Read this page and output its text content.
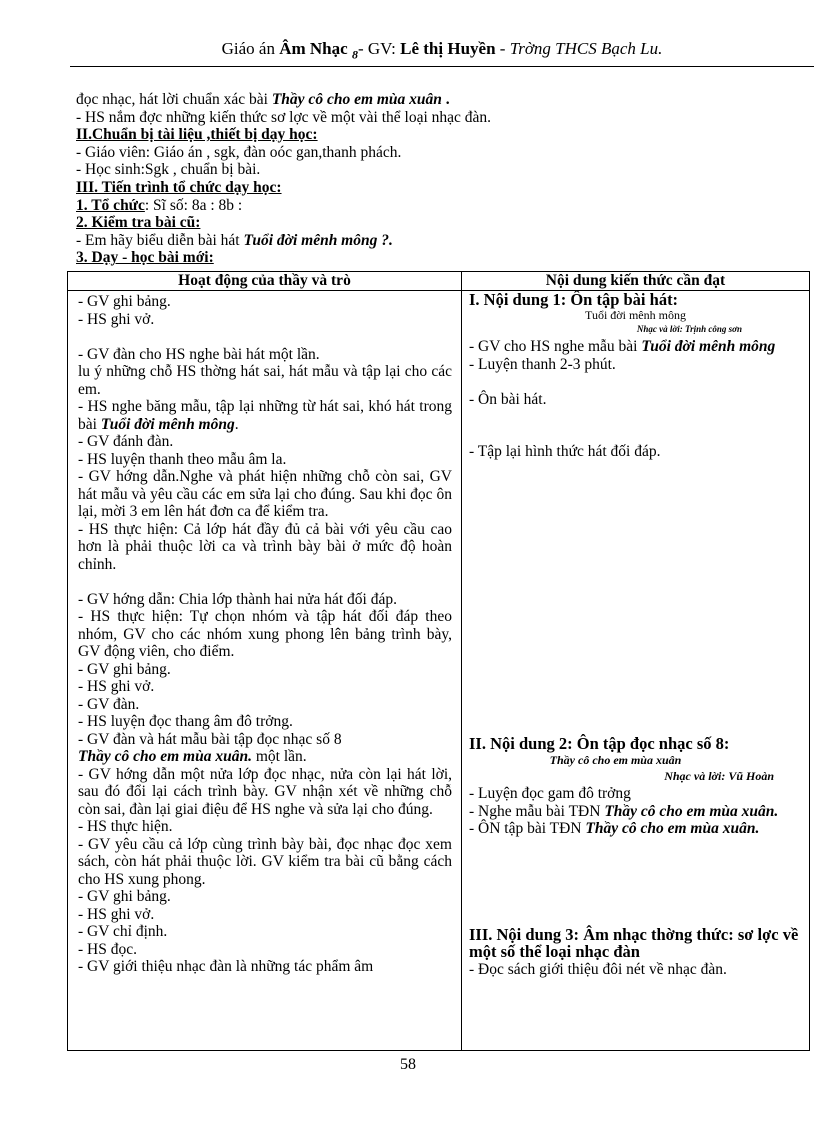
Giáo án Âm Nhạc $_8$- GV: Lê thị Huyền - Trờng THCS Bạch Lu.
đọc nhạc, hát lời chuẩn xác bài Thầy cô cho em mùa xuân .
- HS nắm đợc những kiến thức sơ lợc về một vài thể loại nhạc đàn.
II.Chuẩn bị tài liệu ,thiết bị dạy học:
- Giáo viên: Giáo án , sgk, đàn oóc gan,thanh phách.
- Học sinh:Sgk , chuẩn bị bài.
III. Tiến trình tổ chức dạy học:
1. Tổ chức: Sĩ số: 8a : 8b :
2. Kiểm tra bài cũ:
- Em hãy biểu diễn bài hát Tuổi đời mênh mông ?.
3. Dạy - học bài mới:
Hoạt động của thầy và trò	Nội dung kiến thức cần đạt

- GV ghi bảng.

- HS ghi vở.

- GV đàn cho HS nghe bài hát một lần.

lu ý những chỗ HS thờng hát sai, hát mẫu và tập lại cho các em.

- HS nghe băng mẫu, tập lại những từ hát sai, khó hát trong bài Tuổi đời mênh mông.

- GV đánh đàn.

- HS luyện thanh theo mẫu âm la.

- GV hớng dẫn.Nghe và phát hiện những chỗ còn sai, GV hát mẫu và yêu cầu các em sửa lại cho đúng. Sau khi đọc ôn lại, mời 3 em lên hát đơn ca để kiểm tra.

- HS thực hiện: Cả lớp hát đầy đủ cả bài với yêu cầu cao hơn là phải thuộc lời ca và trình bày bài ở mức độ hoàn chỉnh.

- GV hớng dẫn: Chia lớp thành hai nửa hát đối đáp.

- HS thực hiện: Tự chọn nhóm và tập hát đối đáp theo nhóm, GV cho các nhóm xung phong lên bảng trình bày, GV động viên, cho điểm.

- GV ghi bảng.

- HS ghi vở.

- GV đàn.

- HS luyện đọc thang âm đô trởng.

- GV đàn và hát mẫu bài tập đọc nhạc số 8

Thầy cô cho em mùa xuân. một lần.

- GV hớng dẫn một nửa lớp đọc nhạc, nửa còn lại hát lời, sau đó đổi lại cách trình bày. GV nhận xét về những chỗ còn sai, đàn lại giai điệu để HS nghe và sửa lại cho đúng.

- HS thực hiện.

- GV yêu cầu cả lớp cùng trình bày bài, đọc nhạc đọc xem sách, còn hát phải thuộc lời. GV kiểm tra bài cũ bằng cách cho HS xung phong.

- GV ghi bảng.

- HS ghi vở.

- GV chỉ định.

- HS đọc.

- GV giới thiệu nhạc đàn là những tác phẩm âm

I. Nội dung 1: Ôn tập bài hát:

Tuổi đời mênh mông

Nhạc và lời: Trịnh công sơn

- GV cho HS nghe mẫu bài Tuổi đời mênh mông

- Luyện thanh 2-3 phút.

- Ôn bài hát.

- Tập lại hình thức hát đối đáp.

II. Nội dung 2: Ôn tập đọc nhạc số 8:

Thầy cô cho em mùa xuân

Nhạc và lời: Vũ Hoàn

- Luyện đọc gam đô trởng

- Nghe mẫu bài TĐN Thầy cô cho em mùa xuân.

- ÔN tập bài TĐN Thầy cô cho em mùa xuân.

III. Nội dung 3: Âm nhạc thờng thức: sơ lợc về một số thể loại nhạc đàn

- Đọc sách giới thiệu đôi nét về nhạc đàn.

58
